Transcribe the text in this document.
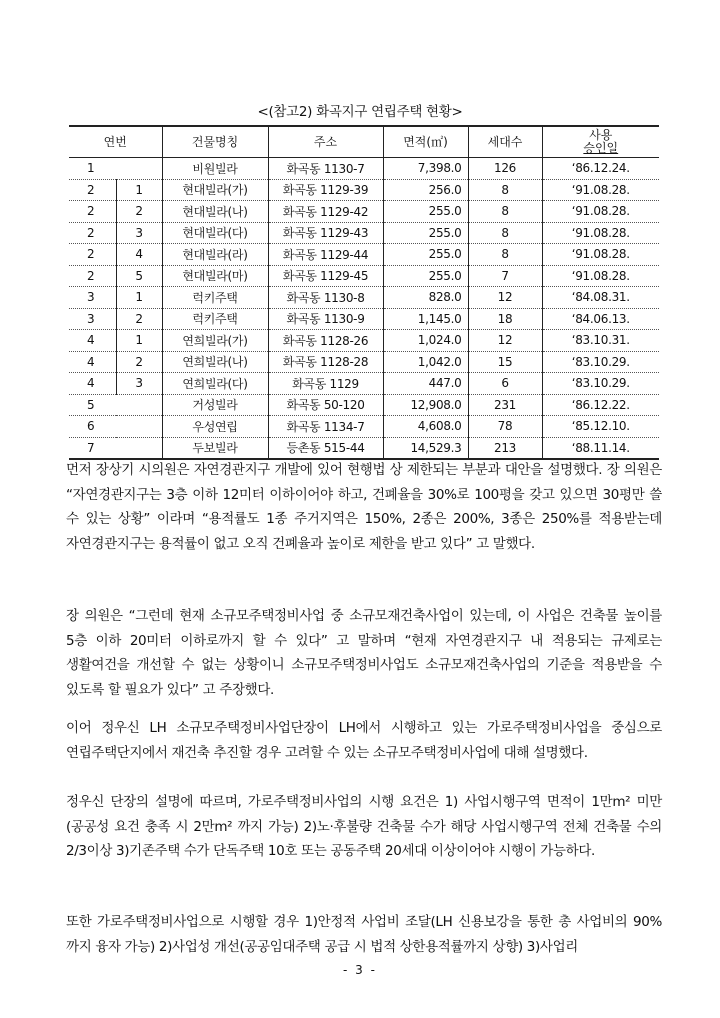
<(참고2) 화곡지구 연립주택 현황>
연번		건물명칭	주소	면적(㎡)	세대수	사용
승인일

1		비원빌라	화곡동 1130-7	7,398.0	126	‘86.12.24.
2	1	현대빌라(가)	화곡동 1129-39	256.0	8	‘91.08.28.
2	2	현대빌라(나)	화곡동 1129-42	255.0	8	‘91.08.28.
2	3	현대빌라(다)	화곡동 1129-43	255.0	8	‘91.08.28.
2	4	현대빌라(라)	화곡동 1129-44	255.0	8	‘91.08.28.
2	5	현대빌라(마)	화곡동 1129-45	255.0	7	‘91.08.28.
3	1	럭키주택	화곡동 1130-8	828.0	12	‘84.08.31.
3	2	럭키주택	화곡동 1130-9	1,145.0	18	‘84.06.13.
4	1	연희빌라(가)	화곡동 1128-26	1,024.0	12	‘83.10.31.
4	2	연희빌라(나)	화곡동 1128-28	1,042.0	15	‘83.10.29.
4	3	연희빌라(다)	화곡동 1129	447.0	6	‘83.10.29.
5		거성빌라	화곡동 50-120	12,908.0	231	‘86.12.22.
6		우성연립	화곡동 1134-7	4,608.0	78	‘85.12.10.
7		두보빌라	등촌동 515-44	14,529.3	213	‘88.11.14.

먼저 장상기 시의원은 자연경관지구 개발에 있어 현행법 상 제한되는 부분과 대안을 설명했다. 장 의원은 “자연경관지구는 3층 이하 12미터 이하이어야 하고, 건폐율을 30%로 100평을 갖고 있으면 30평만 쓸 수 있는 상황” 이라며 “용적률도 1종 주거지역은 150%, 2종은 200%, 3종은 250%를 적용받는데 자연경관지구는 용적률이 없고 오직 건폐율과 높이로 제한을 받고 있다” 고 말했다.

장 의원은 “그런데 현재 소규모주택정비사업 중 소규모재건축사업이 있는데, 이 사업은 건축물 높이를 5층 이하 20미터 이하로까지 할 수 있다” 고 말하며 “현재 자연경관지구 내 적용되는 규제로는 생활여건을 개선할 수 없는 상황이니 소규모주택정비사업도 소규모재건축사업의 기준을 적용받을 수 있도록 할 필요가 있다” 고 주장했다.

이어 정우신 LH 소규모주택정비사업단장이 LH에서 시행하고 있는 가로주택정비사업을 중심으로 연립주택단지에서 재건축 추진할 경우 고려할 수 있는 소규모주택정비사업에 대해 설명했다.

정우신 단장의 설명에 따르며, 가로주택정비사업의 시행 요건은 1) 사업시행구역 면적이 1만m² 미만(공공성 요건 충족 시 2만m² 까지 가능) 2)노·후불량 건축물 수가 해당 사업시행구역 전체 건축물 수의 2/3이상 3)기존주택 수가 단독주택 10호 또는 공동주택 20세대 이상이어야 시행이 가능하다.

또한 가로주택정비사업으로 시행할 경우 1)안정적 사업비 조달(LH 신용보강을 통한 총 사업비의 90%까지 융자 가능) 2)사업성 개선(공공임대주택 공급 시 법적 상한용적률까지 상향) 3)사업리

- 3 -
